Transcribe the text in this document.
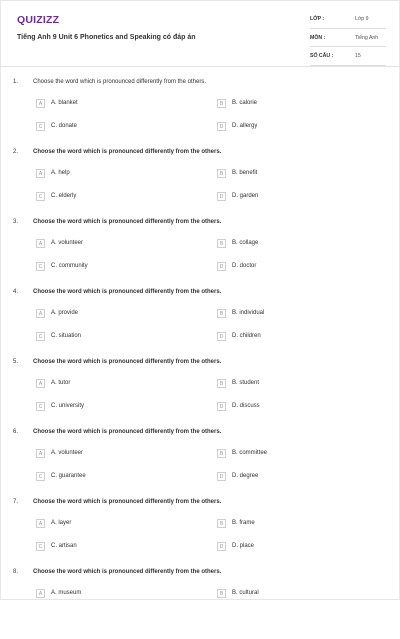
QUIZIZZ
Tiếng Anh 9 Unit 6 Phonetics and Speaking có đáp án
LỚP :	Lớp 9
MÔN :	Tiếng Anh
SỐ CÂU :	15
1. Choose the word which is pronounced differently from the others.
A	A. blanket	B	B. calorie
C	C. donate	D	D. allergy
2. Choose the word which is pronounced differently from the others.
A	A. help	B	B. benefit
C	C. elderly	D	D. garden
3. Choose the word which is pronounced differently from the others.
A	A. volunteer	B	B. collage
C	C. community	D	D. doctor
4. Choose the word which is pronounced differently from the others.
A	A. provide	B	B. individual
C	C. situation	D	D. children
5. Choose the word which is pronounced differently from the others.
A	A. tutor	B	B. student
C	C. university	D	D. discuss
6. Choose the word which is pronounced differently from the others.
A	A. volunteer	B	B. committee
C	C. guarantee	D	D. degree
7. Choose the word which is pronounced differently from the others.
A	A. layer	B	B. frame
C	C. artisan	D	D. place
8. Choose the word which is pronounced differently from the others.
A	A. museum	B	B. cultural
